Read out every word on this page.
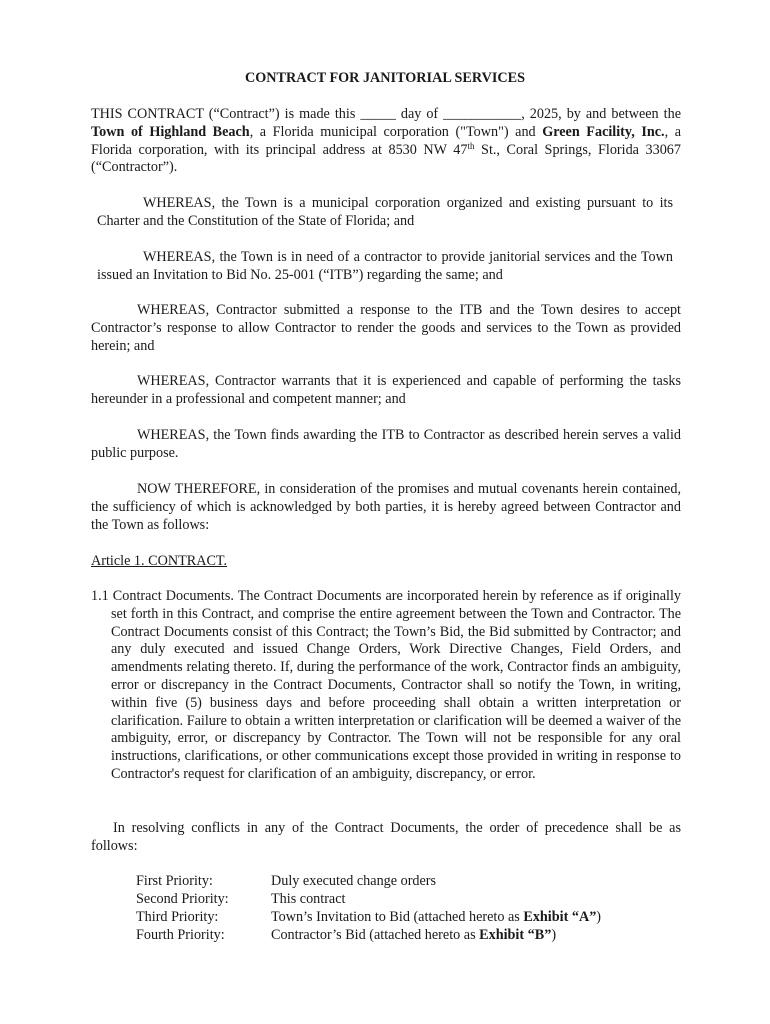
CONTRACT FOR JANITORIAL SERVICES

THIS CONTRACT (“Contract”) is made this _____ day of ___________, 2025, by and between the Town of Highland Beach, a Florida municipal corporation ("Town") and Green Facility, Inc., a Florida corporation, with its principal address at 8530 NW 47th St., Coral Springs, Florida 33067 (“Contractor”).

WHEREAS, the Town is a municipal corporation organized and existing pursuant to its Charter and the Constitution of the State of Florida; and

WHEREAS, the Town is in need of a contractor to provide janitorial services and the Town issued an Invitation to Bid No. 25-001 (“ITB”) regarding the same; and

WHEREAS, Contractor submitted a response to the ITB and the Town desires to accept Contractor’s response to allow Contractor to render the goods and services to the Town as provided herein; and

WHEREAS, Contractor warrants that it is experienced and capable of performing the tasks hereunder in a professional and competent manner; and

WHEREAS, the Town finds awarding the ITB to Contractor as described herein serves a valid public purpose.

NOW THEREFORE, in consideration of the promises and mutual covenants herein contained, the sufficiency of which is acknowledged by both parties, it is hereby agreed between Contractor and the Town as follows:

Article 1. CONTRACT.

1.1 Contract Documents. The Contract Documents are incorporated herein by reference as if originally set forth in this Contract, and comprise the entire agreement between the Town and Contractor. The Contract Documents consist of this Contract; the Town’s Bid, the Bid submitted by Contractor; and any duly executed and issued Change Orders, Work Directive Changes, Field Orders, and amendments relating thereto. If, during the performance of the work, Contractor finds an ambiguity, error or discrepancy in the Contract Documents, Contractor shall so notify the Town, in writing, within five (5) business days and before proceeding shall obtain a written interpretation or clarification. Failure to obtain a written interpretation or clarification will be deemed a waiver of the ambiguity, error, or discrepancy by Contractor. The Town will not be responsible for any oral instructions, clarifications, or other communications except those provided in writing in response to Contractor's request for clarification of an ambiguity, discrepancy, or error.

In resolving conflicts in any of the Contract Documents, the order of precedence shall be as follows:

First Priority:	Duly executed change orders
Second Priority:	This contract
Third Priority:	Town’s Invitation to Bid (attached hereto as Exhibit “A”)
Fourth Priority:	Contractor’s Bid (attached hereto as Exhibit “B”)
